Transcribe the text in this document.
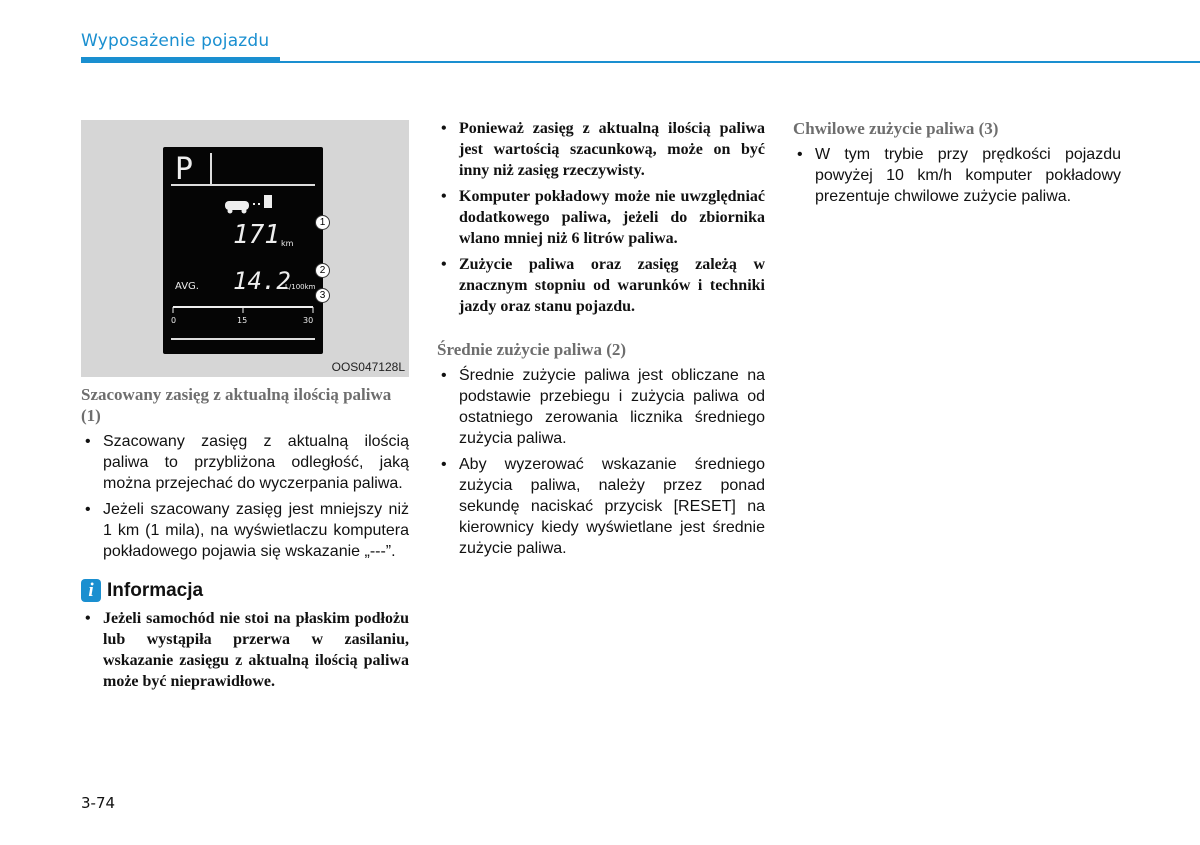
Wyposażenie pojazdu
P
171 km
AVG. 14.2
L/100km
0	15	30
1
2
3
OOS047128L
Szacowany zasięg z aktualną ilością paliwa (1)
• Szacowany zasięg z aktualną ilością paliwa to przybliżona odległość, jaką można przejechać do wyczerpania paliwa.
• Jeżeli szacowany zasięg jest mniejszy niż 1 km (1 mila), na wyświetlaczu komputera pokładowego pojawia się wskazanie „---”.
i Informacja
• Jeżeli samochód nie stoi na płaskim podłożu lub wystąpiła przerwa w zasilaniu, wskazanie zasięgu z aktualną ilością paliwa może być nieprawidłowe.
• Ponieważ zasięg z aktualną ilością paliwa jest wartością szacunkową, może on być inny niż zasięg rzeczywisty.
• Komputer pokładowy może nie uwzględniać dodatkowego paliwa, jeżeli do zbiornika wlano mniej niż 6 litrów paliwa.
• Zużycie paliwa oraz zasięg zależą w znacznym stopniu od warunków i techniki jazdy oraz stanu pojazdu.
Średnie zużycie paliwa (2)
• Średnie zużycie paliwa jest obliczane na podstawie przebiegu i zużycia paliwa od ostatniego zerowania licznika średniego zużycia paliwa.
• Aby wyzerować wskazanie średniego zużycia paliwa, należy przez ponad sekundę naciskać przycisk [RESET] na kierownicy kiedy wyświetlane jest średnie zużycie paliwa.
Chwilowe zużycie paliwa (3)
• W tym trybie przy prędkości pojazdu powyżej 10 km/h komputer pokładowy prezentuje chwilowe zużycie paliwa.
3-74
